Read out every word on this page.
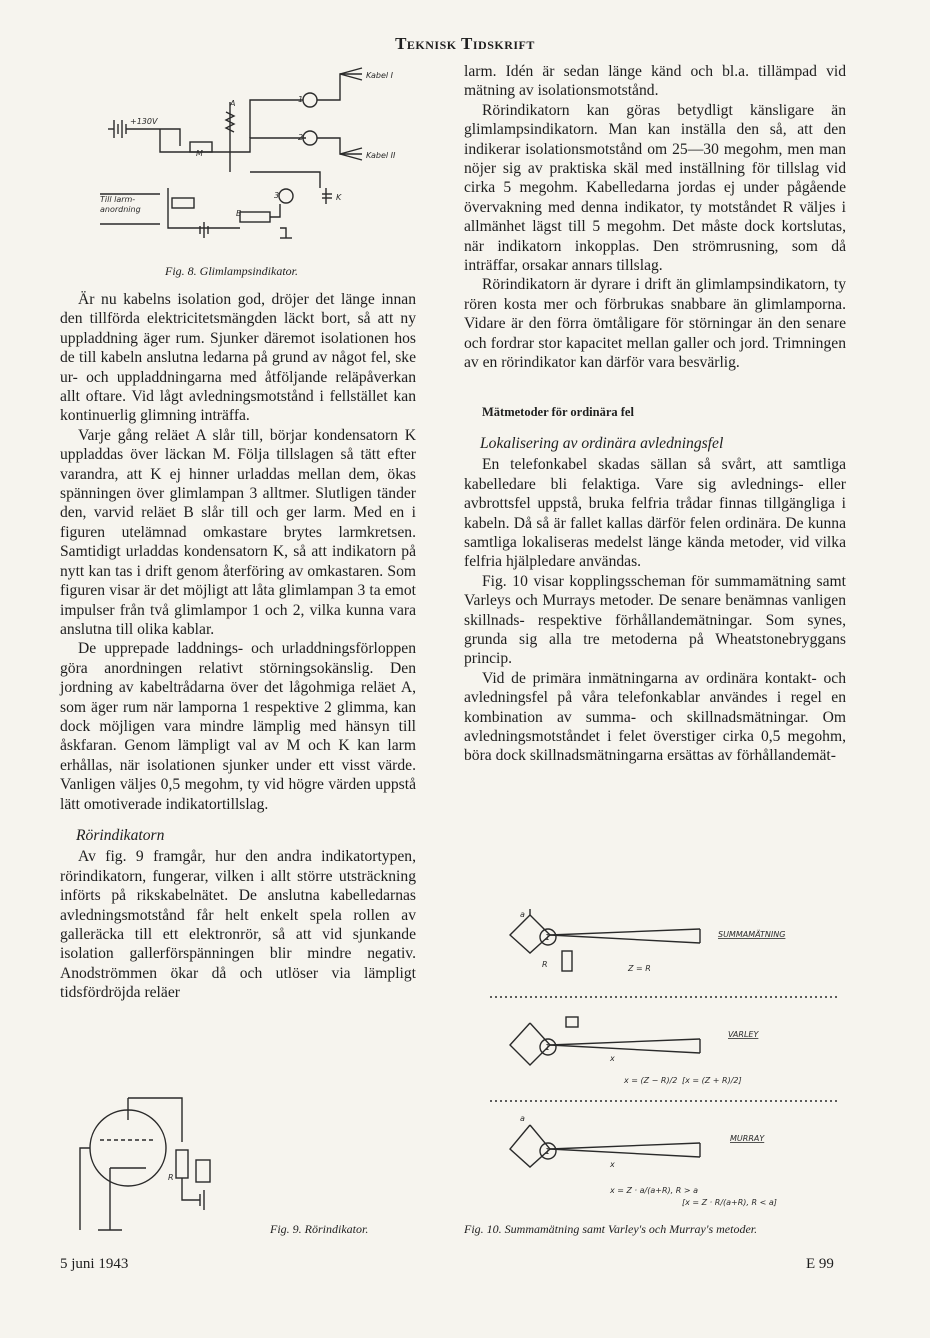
Teknisk Tidskrift
+130V
M
A	1
2
Kabel I
Kabel II
3	K
B
Till larm-
anordning
Fig. 8. Glimlampsindikator.

Är nu kabelns isolation god, dröjer det länge innan den tillförda elektricitetsmängden läckt bort, så att ny uppladdning äger rum. Sjunker däremot isolationen hos de till kabeln anslutna ledarna på grund av något fel, ske ur- och uppladdningarna med åtföljande reläpåverkan allt oftare. Vid lågt avledningsmotstånd i fellstället kan kontinuerlig glimning inträffa.

Varje gång reläet A slår till, börjar kondensatorn K uppladdas över läckan M. Följa tillslagen så tätt efter varandra, att K ej hinner urladdas mellan dem, ökas spänningen över glimlampan 3 alltmer. Slutligen tänder den, varvid reläet B slår till och ger larm. Med en i figuren utelämnad omkastare brytes larmkretsen. Samtidigt urladdas kondensatorn K, så att indikatorn på nytt kan tas i drift genom återföring av omkastaren. Som figuren visar är det möjligt att låta glimlampan 3 ta emot impulser från två glimlampor 1 och 2, vilka kunna vara anslutna till olika kablar.

De upprepade laddnings- och urladdningsförloppen göra anordningen relativt störningsokänslig. Den jordning av kabeltrådarna över det lågohmiga reläet A, som äger rum när lamporna 1 respektive 2 glimma, kan dock möjligen vara mindre lämplig med hänsyn till åskfaran. Genom lämpligt val av M och K kan larm erhållas, när isolationen sjunker under ett visst värde. Vanligen väljes 0,5 megohm, ty vid högre värden uppstå lätt omotiverade indikatortillslag.

Rörindikatorn

Av fig. 9 framgår, hur den andra indikatortypen, rörindikatorn, fungerar, vilken i allt större utsträckning införts på rikskabelnätet. De anslutna kabelledarnas avledningsmotstånd får helt enkelt spela rollen av galleräcka till ett elektronrör, så att vid sjunkande isolation gallerförspänningen blir mindre negativ. Anodströmmen ökar då och utlöser via lämpligt tidsfördröjda reläer

R
Fig. 9. Rörindikator.

larm. Idén är sedan länge känd och bl.a. tillämpad vid mätning av isolationsmotstånd.

Rörindikatorn kan göras betydligt känsligare än glimlampsindikatorn. Man kan inställa den så, att den indikerar isolationsmotstånd om 25—30 megohm, men man nöjer sig av praktiska skäl med inställning för tillslag vid cirka 5 megohm. Kabelledarna jordas ej under pågående övervakning med denna indikator, ty motståndet R väljes i allmänhet lägst till 5 megohm. Det måste dock kortslutas, när indikatorn inkopplas. Den strömrusning, som då inträffar, orsakar annars tillslag.

Rörindikatorn är dyrare i drift än glimlampsindikatorn, ty rören kosta mer och förbrukas snabbare än glimlamporna. Vidare är den förra ömtåligare för störningar än den senare och fordrar stor kapacitet mellan galler och jord. Trimningen av en rörindikator kan därför vara besvärlig.

Mätmetoder för ordinära fel
Lokalisering av ordinära avledningsfel

En telefonkabel skadas sällan så svårt, att samtliga kabelledare bli felaktiga. Vare sig avlednings- eller avbrottsfel uppstå, bruka felfria trådar finnas tillgängliga i kabeln. Då så är fallet kallas därför felen ordinära. De kunna samtliga lokaliseras medelst länge kända metoder, vid vilka felfria hjälpledare användas.

Fig. 10 visar kopplingsscheman för summamätning samt Varleys och Murrays metoder. De senare benämnas vanligen skillnads- respektive förhållandemätningar. Som synes, grunda sig alla tre metoderna på Wheatstonebryggans princip.

Vid de primära inmätningarna av ordinära kontakt- och avledningsfel på våra telefonkablar användes i regel en kombination av summa- och skillnadsmätningar. Om avledningsmotståndet i felet överstiger cirka 0,5 megohm, böra dock skillnadsmätningarna ersättas av förhållandemät-

1
a
R	Z = R
SUMMAMÄTNING
1
x
x = (Z − R)/2 [x = (Z + R)/2]
VARLEY
1
a
x
x = Z · a/(a+R), R > a
[x = Z · R/(a+R), R < a]
MURRAY
Fig. 10. Summamätning samt Varley's och Murray's metoder.
5 juni 1943	E 99
